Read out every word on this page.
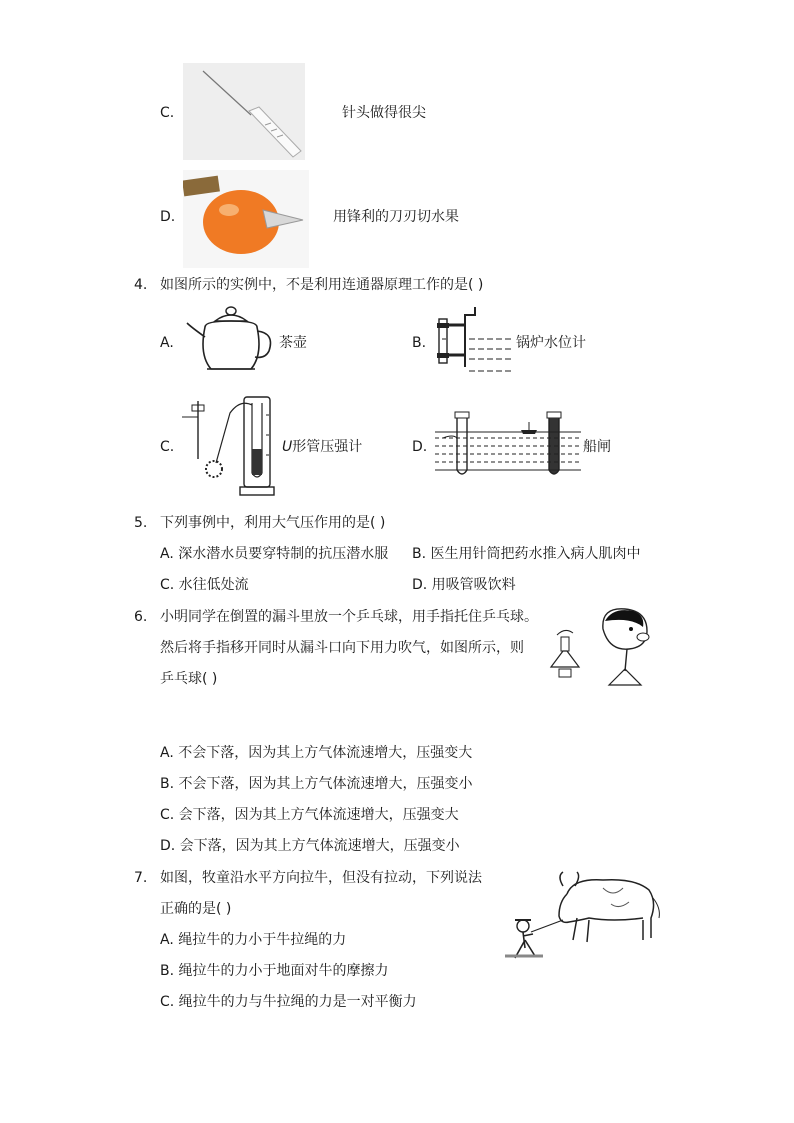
C.	针头做得很尖
D.	用锋利的刀刃切水果
4. 如图所示的实例中，不是利用连通器原理工作的是( )
A.	茶壶	B.	锅炉水位计
C.	U形管压强计	D.	船闸
5. 下列事例中，利用大气压作用的是( )
A. 深水潜水员要穿特制的抗压潜水服 B. 医生用针筒把药水推入病人肌肉中
C. 水往低处流	D. 用吸管吸饮料
6. 小明同学在倒置的漏斗里放一个乒乓球，用手指托住乒乓球。
然后将手指移开同时从漏斗口向下用力吹气，如图所示，则
乒乓球( )
A. 不会下落，因为其上方气体流速增大，压强变大
B. 不会下落，因为其上方气体流速增大，压强变小
C. 会下落，因为其上方气体流速增大，压强变大
D. 会下落，因为其上方气体流速增大，压强变小
7. 如图，牧童沿水平方向拉牛，但没有拉动，下列说法
正确的是( )
A. 绳拉牛的力小于牛拉绳的力
B. 绳拉牛的力小于地面对牛的摩擦力
C. 绳拉牛的力与牛拉绳的力是一对平衡力
